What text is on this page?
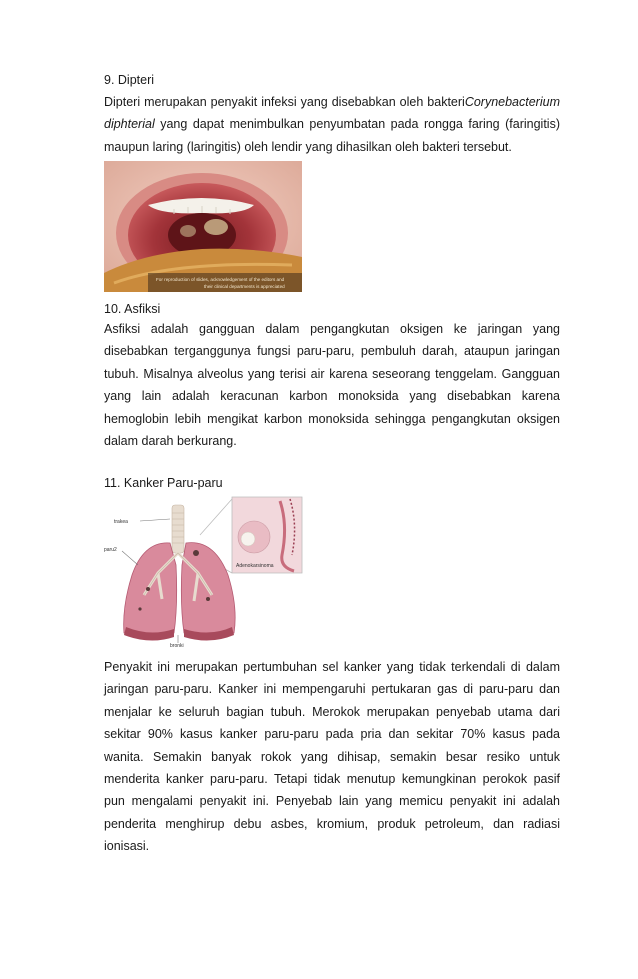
9. Dipteri
Dipteri merupakan penyakit infeksi yang disebabkan oleh bakteriCorynebacterium diphterial yang dapat menimbulkan penyumbatan pada rongga faring (faringitis) maupun laring (laringitis) oleh lendir yang dihasilkan oleh bakteri tersebut.
For reproduction of slides, acknowledgement of the editors and
their clinical departments is appreciated
10. Asfiksi
Asfiksi adalah gangguan dalam pengangkutan oksigen ke jaringan yang disebabkan terganggunya fungsi paru-paru, pembuluh darah, ataupun jaringan tubuh. Misalnya alveolus yang terisi air karena seseorang tenggelam. Gangguan yang lain adalah keracunan karbon monoksida yang disebabkan karena hemoglobin lebih mengikat karbon monoksida sehingga pengangkutan oksigen dalam darah berkurang.
11. Kanker Paru-paru
Adenokarsinoma
trakea
paru2
bronki
Penyakit ini merupakan pertumbuhan sel kanker yang tidak terkendali di dalam jaringan paru-paru. Kanker ini mempengaruhi pertukaran gas di paru-paru dan menjalar ke seluruh bagian tubuh. Merokok merupakan penyebab utama dari sekitar 90% kasus kanker paru-paru pada pria dan sekitar 70% kasus pada wanita. Semakin banyak rokok yang dihisap, semakin besar resiko untuk menderita kanker paru-paru. Tetapi tidak menutup kemungkinan perokok pasif pun mengalami penyakit ini. Penyebab lain yang memicu penyakit ini adalah penderita menghirup debu asbes, kromium, produk petroleum, dan radiasi ionisasi.
